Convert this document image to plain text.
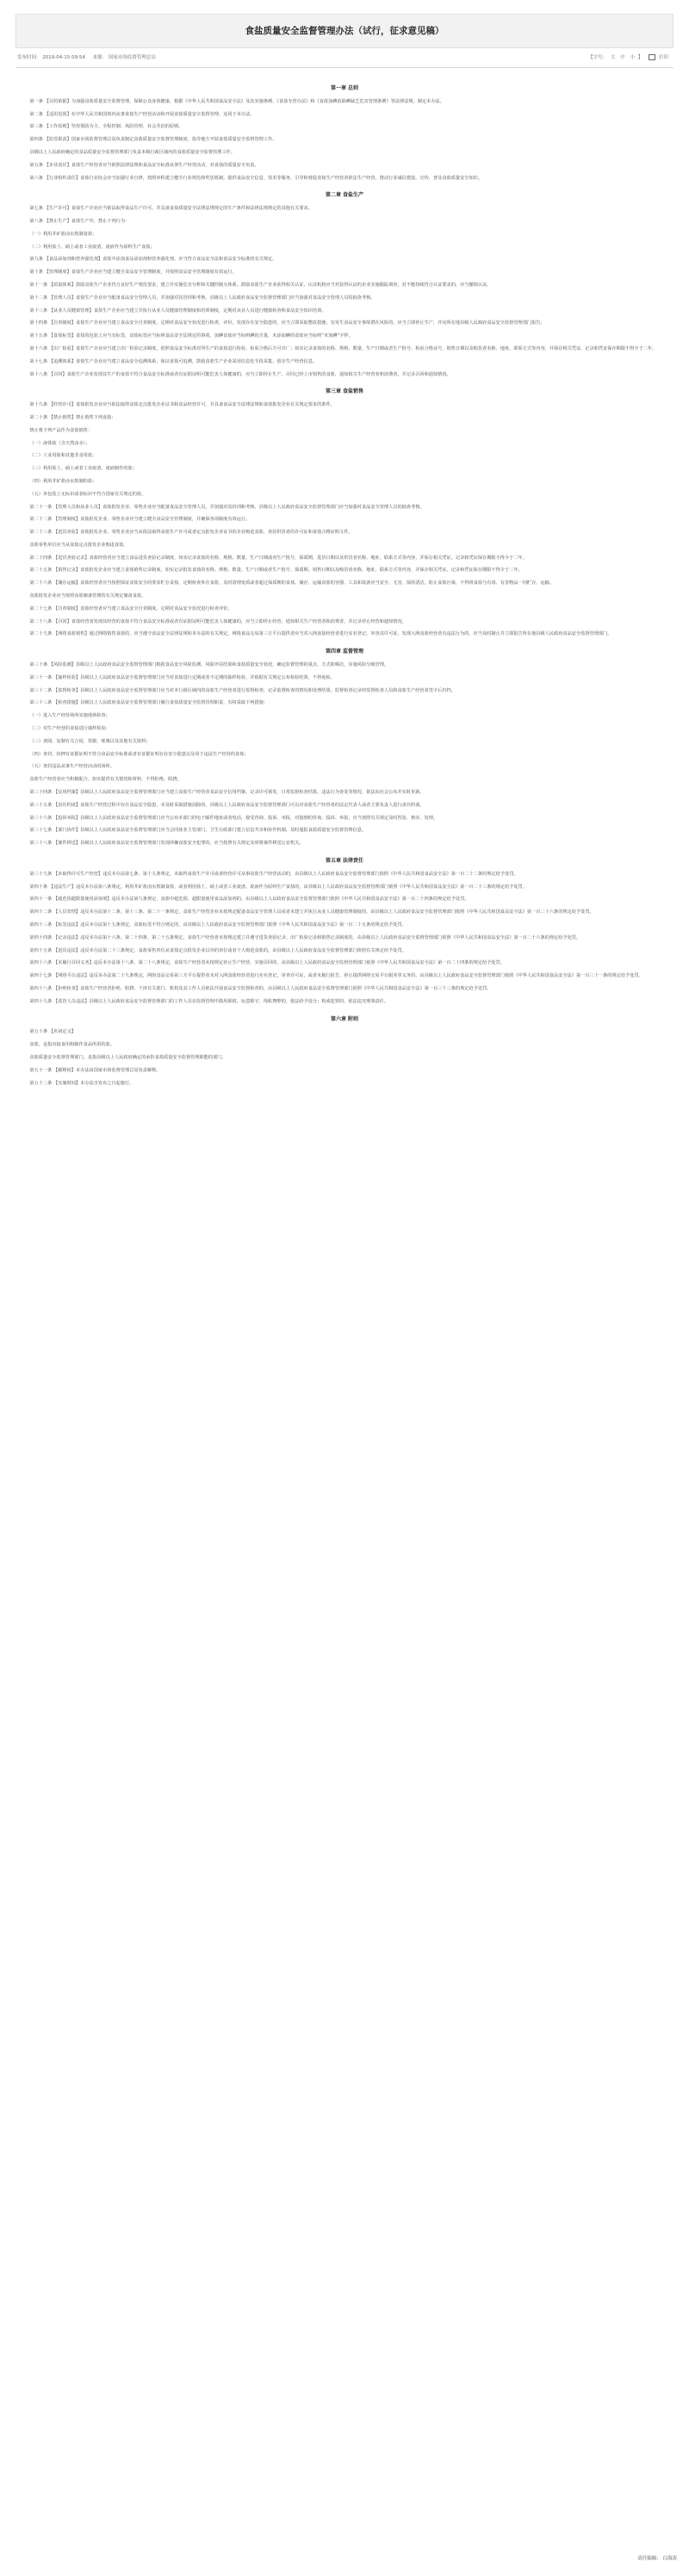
食盐质量安全监督管理办法（试行，征求意见稿）
发布时间： 2019-04-15 09:54 来源： 国家市场监督管理总局	【字号： 大 中 小 】	打印
第一章 总则

第一条 【目的依据】为加强食盐质量安全监督管理，保障公众身体健康，根据《中华人民共和国食品安全法》及其实施条例、《食盐专营办法》和《食盐加碘消除碘缺乏危害管理条例》等法律法规，制定本办法。

第二条 【适用范围】在中华人民共和国境内从事食盐生产经营活动和开展食盐质量安全监督管理，适用于本办法。

第三条 【工作原则】坚持预防为主、全程控制、风险管理、社会共治的原则。

第四条 【监管职责】国家市场监督管理总局负责制定食盐质量安全监督管理制度，指导地方开展食盐质量安全监督管理工作。

县级以上人民政府确定的食品质量安全监督管理部门负责本级行政区域内的食盐质量安全监督管理工作。

第五条 【企业责任】食盐生产经营者应当依照法律法规和食品安全标准从事生产经营活动，对食盐的质量安全负责。

第六条 【行业组织责任】食盐行业协会应当加强行业自律，按照章程建立健全行业规范和奖惩机制，提供食品安全信息、技术等服务，引导和督促食盐生产经营者依法生产经营，推动行业诚信建设，宣传、普及食盐质量安全知识。

第二章 食盐生产

第七条 【生产许可】食盐生产企业应当依法取得食品生产许可，并具备食盐质量安全法律法规规定的生产条件和法律法规规定的其他有关要求。

第八条 【禁止生产】食盐生产中，禁止下列行为：

（一）利用井矿盐卤水熬制食盐；

（二）利用盐土、硝土或者工业废渣、废液作为原料生产食盐；

第九条 【食品添加剂和营养强化剂】食盐中添加食品添加剂和营养强化剂，应当符合食品安全法和食品安全标准的有关规定。

第十条 【管理制度】食盐生产企业应当建立健全食品安全管理制度，并按照食品安全管理制度有效运行。

第十一条 【质量体系】鼓励食盐生产企业符合良好生产规范要求，建立并实施危害分析和关键控制点体系。鼓励食盐生产企业获得相关认证，认证机构应当对获得认证的企业实施跟踪调查，对不能持续符合认证要求的，应当撤销认证。

第十二条 【管理人员】食盐生产企业应当配备食品安全管理人员，并加强对其培训和考核，县级以上人民政府食品安全监督管理部门应当加强对食品安全管理人员的抽查考核。

第十三条 【从业人员健康管理】食盐生产企业应当建立并执行从业人员健康管理制度和培训制度，定期对从业人员进行健康检查和食品安全知识培训。

第十四条 【自查制度】食盐生产企业应当建立食品安全自查制度，定期对食品安全状况进行检查、评价，发现存在安全隐患的，应当立即采取整改措施；有发生食品安全事故潜在风险的，应当立即停止生产，并向所在地县级人民政府食品安全监督管理部门报告。

第十五条 【食盐标签】食盐的包装上应当有标签，食盐标签应当标明食品安全法规定的事项，加碘食盐应当标明碘的含量，未添加碘的食盐应当标明“未加碘”字样。

第十六条 【出厂检验】食盐生产企业应当建立出厂检验记录制度，依照食品安全标准对所生产的食盐进行检验，检验合格后方可出厂；如实记录食盐的名称、规格、数量、生产日期或者生产批号、检验合格证号、销售日期以及购货者名称、地址、联系方式等内容，并保存相关凭证。记录和凭证保存期限不得少于二年。

第十七条 【追溯体系】食盐生产企业应当建立食品安全追溯体系，保证食盐可追溯，鼓励食盐生产企业采用信息化手段采集、留存生产经营信息。

第十八条 【召回】食盐生产企业发现其生产的食盐不符合食品安全标准或者有证据证明可能危害人体健康的，应当立即停止生产，召回已经上市销售的食盐，通知相关生产经营者和消费者，并记录召回和通知情况。

第三章 食盐销售

第十九条 【经营许可】食盐批发企业应当依法取得食盐定点批发企业证书和食品经营许可，并具备食品安全法律法规和食盐批发企业有关规定要求的条件。

第二十条 【禁止销售】禁止销售下列食盐：

禁止将下列产品作为食盐销售：

（一）液体盐（含天然卤水）；

（二）工业用盐和其他非食用盐；

（三）利用盐土、硝土或者工业废渣、废液制作的盐；

（四）利用井矿盐卤水熬制的盐；

（五）外包装上无标识或者标识不符合国家有关规定的盐。

第二十一条 【管理人员和从业人员】食盐批发企业、零售企业应当配备食品安全管理人员，并加强对其培训和考核。县级以上人民政府食品安全监督管理部门应当加强对食品安全管理人员的抽查考核。

第二十二条 【管理制度】食盐批发企业、零售企业应当建立健全食品安全管理制度，并确保各项制度有效运行。

第二十三条 【进货查验】食盐批发企业、零售企业应当从依法取得食盐生产许可或者定点批发企业证书的企业购进食盐，查验供货者的许可证和食盐合格证明文件。

食盐零售单位应当从食盐定点批发企业购进食盐。

第二十四条 【进货查验记录】食盐经营者应当建立食品进货查验记录制度，如实记录食盐的名称、规格、数量、生产日期或者生产批号、保质期、进货日期以及供货者名称、地址、联系方式等内容，并保存相关凭证。记录和凭证保存期限不得少于二年。

第二十五条 【销售记录】食盐批发企业应当建立食盐销售记录制度，如实记录批发食盐的名称、规格、数量、生产日期或者生产批号、保质期、销售日期以及购货者名称、地址、联系方式等内容，并保存相关凭证。记录和凭证保存期限不得少于二年。

第二十六条 【储存运输】食盐经营者应当按照保证食盐安全的要求贮存食盐，定期检查库存食盐，及时清理变质或者超过保质期的食盐。储存、运输食盐的容器、工具和设备应当安全、无害，保持清洁，防止食盐污染，不得将食盐与有毒、有害物品一同贮存、运输。

食盐批发企业应当按照食盐储备管理的有关规定储备食盐。

第二十七条 【自查制度】食盐经营者应当建立食品安全自查制度，定期对食品安全状况进行检查评价。

第二十八条 【召回】食盐经营者发现其经营的食盐不符合食品安全标准或者有证据证明可能危害人体健康的，应当立即停止经营，通知相关生产经营者和消费者，并记录停止经营和通知情况。

第二十九条 【网络食盐销售】通过网络销售食盐的，应当遵守食品安全法律法规和本办法的有关规定。网络食品交易第三方平台提供者应当对入网食盐经营者进行实名登记，审查其许可证，发现入网食盐经营者有违法行为的，应当及时制止并立即报告所在地县级人民政府食品安全监督管理部门。

第四章 监督管理

第三十条 【风险监测】县级以上人民政府食品安全监督管理部门根据食品安全风险监测、风险评估结果和食盐质量安全状况，确定监督管理的重点、方式和频次，实施风险分级管理。

第三十一条 【抽样检验】县级以上人民政府食品安全监督管理部门应当对食盐进行定期或者不定期的抽样检验，并依据有关规定公布检验结果，不得免检。

第三十二条 【监督检查】县级以上人民政府食品安全监督管理部门应当对本行政区域内的食盐生产经营者进行监督检查，记录监督检查的情况和处理结果，监督检查记录经监督检查人员和食盐生产经营者签字后归档。

第三十三条 【检查措施】县级以上人民政府食品安全监督管理部门履行食盐质量安全监督管理职责，有权采取下列措施：

（一）进入生产经营场所实施现场检查；

（二）对生产经营的食盐进行抽样检验；

（三）查阅、复制有关合同、票据、账簿以及其他有关资料；

（四）查封、扣押有证据证明不符合食品安全标准或者有证据证明存在安全隐患以及用于违法生产经营的食盐；

（五）查封违法从事生产经营活动的场所。

食盐生产经营者应当积极配合，如实提供有关情况和材料，不得拒绝、阻挠。

第三十四条 【信用档案】县级以上人民政府食品安全监督管理部门应当建立食盐生产经营者食品安全信用档案，记录许可颁发、日常监督检查结果、违法行为查处等情况，依法向社会公布并实时更新。

第三十五条 【责任约谈】食盐生产经营过程中存在食品安全隐患，未及时采取措施消除的，县级以上人民政府食品安全监督管理部门可以对食盐生产经营者的法定代表人或者主要负责人进行责任约谈。

第三十六条 【投诉举报】县级以上人民政府食品安全监督管理部门应当公布本部门的电子邮件地址或者电话，接受咨询、投诉、举报，对接到的咨询、投诉、举报，应当按照有关规定及时答复、核实、处理。

第三十七条 【部门协作】县级以上人民政府食品安全监督管理部门应当会同盐业主管部门、卫生行政部门建立信息共享和协作机制，及时通报食盐质量安全监督管理信息。

第三十八条 【案件移送】县级以上人民政府食品安全监督管理部门发现涉嫌食盐安全犯罪的，应当按照有关规定及时将案件移送公安机关。

第五章 法律责任

第三十九条 【未取得许可生产经营】违反本办法第七条、第十九条规定，未取得食盐生产许可或者经营许可从事食盐生产经营活动的，由县级以上人民政府食品安全监督管理部门依照《中华人民共和国食品安全法》第一百二十二条的规定给予处罚。

第四十条 【违法生产】违反本办法第八条规定，利用井矿盐卤水熬制食盐，或者利用盐土、硝土或者工业废渣、废液作为原料生产食盐的，由县级以上人民政府食品安全监督管理部门依照《中华人民共和国食品安全法》第一百二十三条的规定给予处罚。

第四十一条 【超范围超限量使用添加剂】违反本办法第九条规定，食盐中超范围、超限量使用食品添加剂的，由县级以上人民政府食品安全监督管理部门依照《中华人民共和国食品安全法》第一百二十四条的规定给予处罚。

第四十二条 【人员管理】违反本办法第十二条、第十三条、第二十一条规定，食盐生产经营企业未按规定配备食品安全管理人员或者未建立并执行从业人员健康管理制度的，由县级以上人民政府食品安全监督管理部门依照《中华人民共和国食品安全法》第一百二十六条的规定给予处罚。

第四十三条 【标签违法】违反本办法第十五条规定，食盐标签不符合规定的，由县级以上人民政府食品安全监督管理部门依照《中华人民共和国食品安全法》第一百二十五条的规定给予处罚。

第四十四条 【记录违法】违反本办法第十六条、第二十四条、第二十五条规定，食盐生产经营者未按规定建立并遵守进货查验记录、出厂检验记录和销售记录制度的，由县级以上人民政府食品安全监督管理部门依照《中华人民共和国食品安全法》第一百二十六条的规定给予处罚。

第四十五条 【进货违法】违反本办法第二十三条规定，食盐零售单位从食盐定点批发企业以外的单位或者个人购进食盐的，由县级以上人民政府食品安全监督管理部门依照有关规定给予处罚。

第四十六条 【未履行召回义务】违反本办法第十八条、第二十八条规定，食盐生产经营者未按规定停止生产经营、实施召回的，由县级以上人民政府食品安全监督管理部门依照《中华人民共和国食品安全法》第一百二十四条的规定给予处罚。

第四十七条 【网络平台违法】违反本办法第二十九条规定，网络食品交易第三方平台提供者未对入网食盐经营者进行实名登记、审查许可证，或者未履行报告、停止提供网络交易平台服务等义务的，由县级以上人民政府食品安全监督管理部门依照《中华人民共和国食品安全法》第一百三十一条的规定给予处罚。

第四十八条 【拒绝检查】食盐生产经营者拒绝、阻挠、干涉有关部门、机构及其工作人员依法开展食品安全监督检查的，由县级以上人民政府食品安全监督管理部门依照《中华人民共和国食品安全法》第一百三十三条的规定给予处罚。

第四十九条 【监管人员违法】县级以上人民政府食品安全监督管理部门的工作人员在监督管理中滥用职权、玩忽职守、徇私舞弊的，依法给予处分；构成犯罪的，依法追究刑事责任。

第六章 附则

第五十条 【名词定义】

食盐，是指直接食用和制作食品所用的盐。

食盐质量安全监督管理部门，是指县级以上人民政府确定的承担食盐质量安全监督管理职能的部门。

第五十一条 【解释权】本办法由国家市场监督管理总局负责解释。

第五十二条 【实施时间】本办法自发布之日起施行。

责任编辑： 白海涛
